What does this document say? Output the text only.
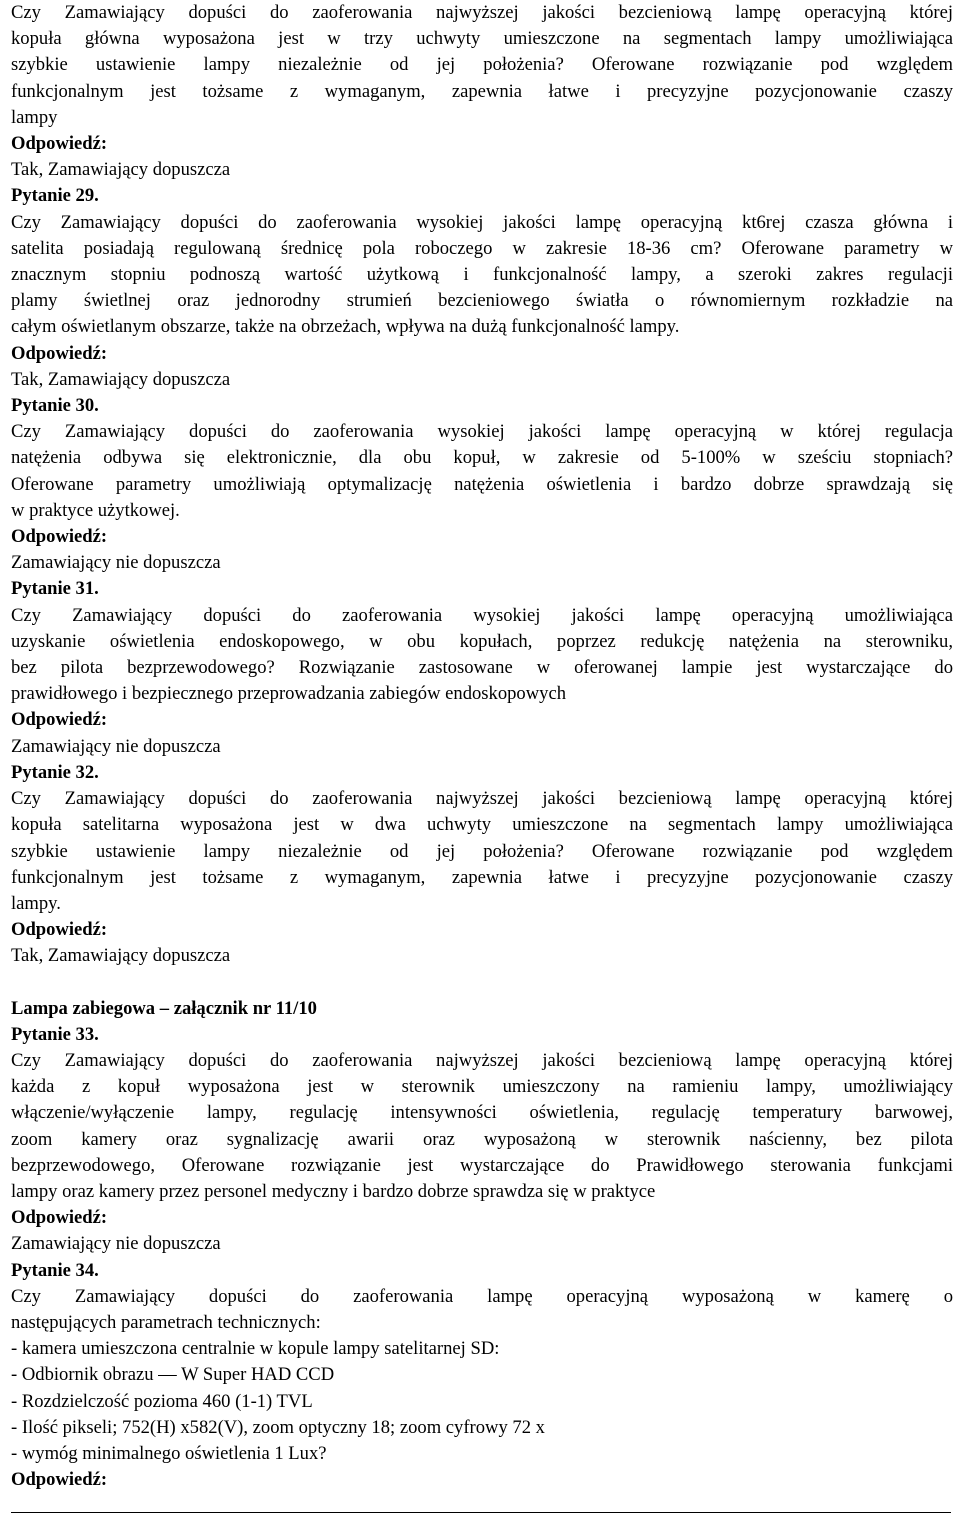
Czy Zamawiający dopuści do zaoferowania najwyższej jakości bezcieniową lampę operacyjną której

kopuła główna wyposażona jest w trzy uchwyty umieszczone na segmentach lampy umożliwiająca

szybkie ustawienie lampy niezależnie od jej położenia? Oferowane rozwiązanie pod względem

funkcjonalnym jest tożsame z wymaganym, zapewnia łatwe i precyzyjne pozycjonowanie czaszy

lampy

Odpowiedź:

Tak, Zamawiający dopuszcza

Pytanie 29.

Czy Zamawiający dopuści do zaoferowania wysokiej jakości lampę operacyjną kt6rej czasza główna i

satelita posiadają regulowaną średnicę pola roboczego w zakresie 18-36 cm? Oferowane parametry w

znacznym stopniu podnoszą wartość użytkową i funkcjonalność lampy, a szeroki zakres regulacji

plamy świetlnej oraz jednorodny strumień bezcieniowego światła o równomiernym rozkładzie na

całym oświetlanym obszarze, także na obrzeżach, wpływa na dużą funkcjonalność lampy.

Odpowiedź:

Tak, Zamawiający dopuszcza

Pytanie 30.

Czy Zamawiający dopuści do zaoferowania wysokiej jakości lampę operacyjną w której regulacja

natężenia odbywa się elektronicznie, dla obu kopuł, w zakresie od 5-100% w sześciu stopniach?

Oferowane parametry umożliwiają optymalizację natężenia oświetlenia i bardzo dobrze sprawdzają się

w praktyce użytkowej.

Odpowiedź:

Zamawiający nie dopuszcza

Pytanie 31.

Czy Zamawiający dopuści do zaoferowania wysokiej jakości lampę operacyjną umożliwiająca

uzyskanie oświetlenia endoskopowego, w obu kopułach, poprzez redukcję natężenia na sterowniku,

bez pilota bezprzewodowego? Rozwiązanie zastosowane w oferowanej lampie jest wystarczające do

prawidłowego i bezpiecznego przeprowadzania zabiegów endoskopowych

Odpowiedź:

Zamawiający nie dopuszcza

Pytanie 32.

Czy Zamawiający dopuści do zaoferowania najwyższej jakości bezcieniową lampę operacyjną której

kopuła satelitarna wyposażona jest w dwa uchwyty umieszczone na segmentach lampy umożliwiająca

szybkie ustawienie lampy niezależnie od jej położenia? Oferowane rozwiązanie pod względem

funkcjonalnym jest tożsame z wymaganym, zapewnia łatwe i precyzyjne pozycjonowanie czaszy

lampy.

Odpowiedź:

Tak, Zamawiający dopuszcza

Lampa zabiegowa – załącznik nr 11/10

Pytanie 33.

Czy Zamawiający dopuści do zaoferowania najwyższej jakości bezcieniową lampę operacyjną której

każda z kopuł wyposażona jest w sterownik umieszczony na ramieniu lampy, umożliwiający

włączenie/wyłączenie lampy, regulację intensywności oświetlenia, regulację temperatury barwowej,

zoom kamery oraz sygnalizację awarii oraz wyposażoną w sterownik naścienny, bez pilota

bezprzewodowego, Oferowane rozwiązanie jest wystarczające do Prawidłowego sterowania funkcjami

lampy oraz kamery przez personel medyczny i bardzo dobrze sprawdza się w praktyce

Odpowiedź:

Zamawiający nie dopuszcza

Pytanie 34.

Czy Zamawiający dopuści do zaoferowania lampę operacyjną wyposażoną w kamerę o

następujących parametrach technicznych:

- kamera umieszczona centralnie w kopule lampy satelitarnej SD:

- Odbiornik obrazu — W Super HAD CCD

- Rozdzielczość pozioma 460 (1-1) TVL

- Ilość pikseli; 752(H) x582(V), zoom optyczny 18; zoom cyfrowy 72 x

- wymóg minimalnego oświetlenia 1 Lux?

Odpowiedź:
